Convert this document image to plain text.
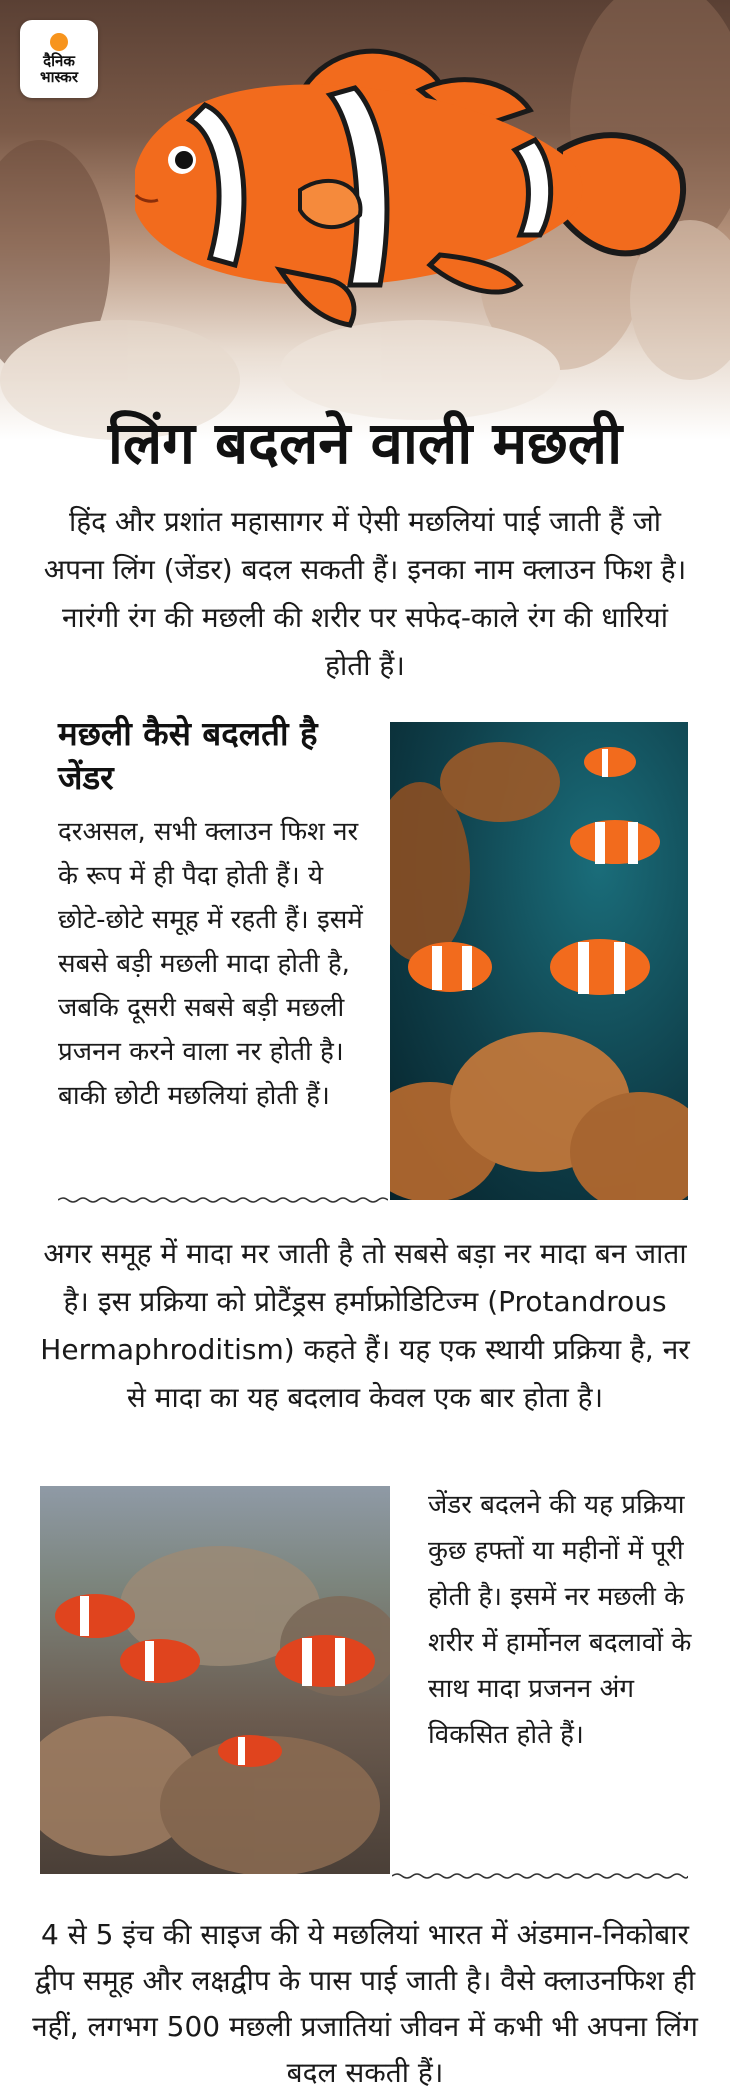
दैनिक
भास्कर
लिंग बदलने वाली मछली
हिंद और प्रशांत महासागर में ऐसी मछलियां पाई जाती हैं जो अपना लिंग (जेंडर) बदल सकती हैं। इनका नाम क्लाउन फिश है। नारंगी रंग की मछली की शरीर पर सफेद-काले रंग की धारियां होती हैं।
मछली कैसे बदलती है जेंडर
दरअसल, सभी क्लाउन फिश नर के रूप में ही पैदा होती हैं। ये छोटे-छोटे समूह में रहती हैं। इसमें सबसे बड़ी मछली मादा होती है, जबकि दूसरी सबसे बड़ी मछली प्रजनन करने वाला नर होती है। बाकी छोटी मछलियां होती हैं।
अगर समूह में मादा मर जाती है तो सबसे बड़ा नर मादा बन जाता है। इस प्रक्रिया को प्रोटैंड्रस हर्माफ्रोडिटिज्म (Protandrous Hermaphroditism) कहते हैं। यह एक स्थायी प्रक्रिया है, नर से मादा का यह बदलाव केवल एक बार होता है।
जेंडर बदलने की यह प्रक्रिया कुछ हफ्तों या महीनों में पूरी होती है। इसमें नर मछली के शरीर में हार्मोनल बदलावों के साथ मादा प्रजनन अंग विकसित होते हैं।
4 से 5 इंच की साइज की ये मछलियां भारत में अंडमान-निकोबार द्वीप समूह और लक्षद्वीप के पास पाई जाती है। वैसे क्लाउनफिश ही नहीं, लगभग 500 मछली प्रजातियां जीवन में कभी भी अपना लिंग बदल सकती हैं।
